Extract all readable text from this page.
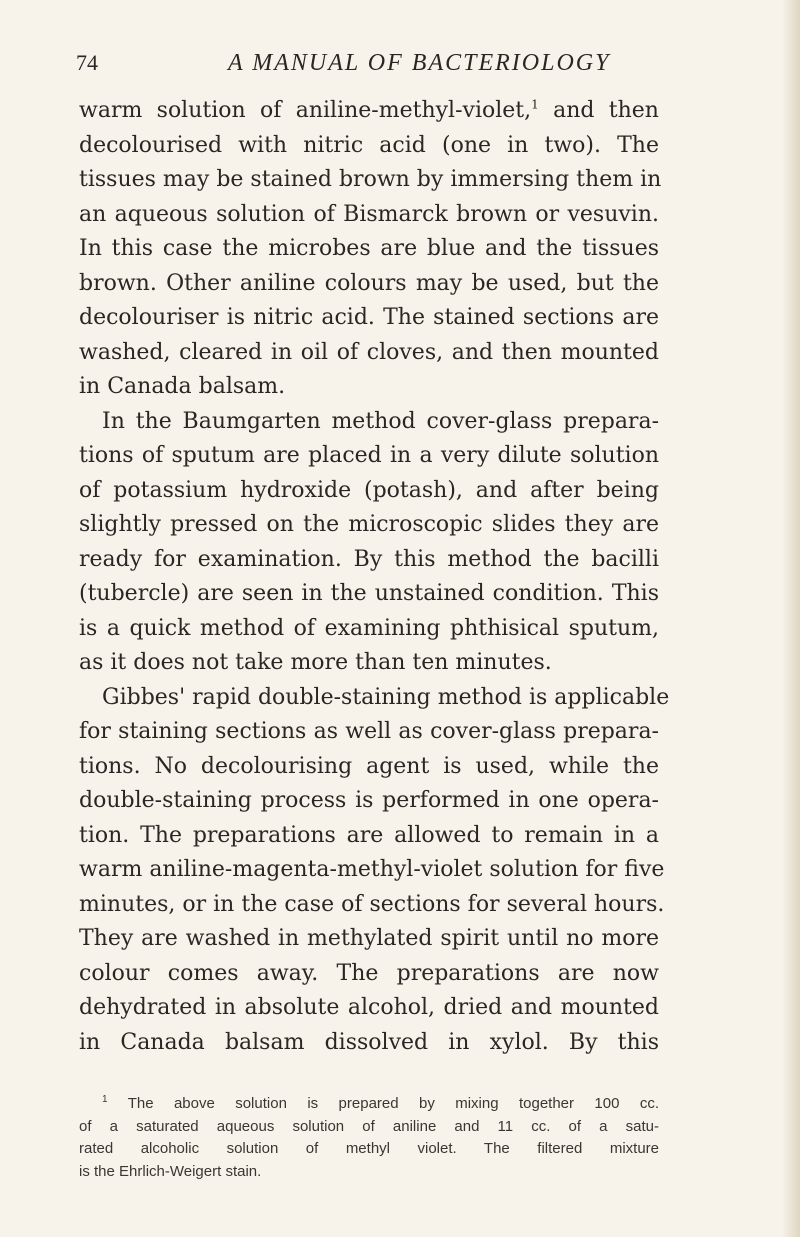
74	A MANUAL OF BACTERIOLOGY
warm solution of aniline-methyl-violet,$^1$ and then
decolourised with nitric acid (one in two). The
tissues may be stained brown by immersing them in
an aqueous solution of Bismarck brown or vesuvin.
In this case the microbes are blue and the tissues
brown. Other aniline colours may be used, but the
decolouriser is nitric acid. The stained sections are
washed, cleared in oil of cloves, and then mounted
in Canada balsam.
In the Baumgarten method cover-glass prepara-
tions of sputum are placed in a very dilute solution
of potassium hydroxide (potash), and after being
slightly pressed on the microscopic slides they are
ready for examination. By this method the bacilli
(tubercle) are seen in the unstained condition. This
is a quick method of examining phthisical sputum,
as it does not take more than ten minutes.
Gibbes' rapid double-staining method is applicable
for staining sections as well as cover-glass prepara-
tions. No decolourising agent is used, while the
double-staining process is performed in one opera-
tion. The preparations are allowed to remain in a
warm aniline-magenta-methyl-violet solution for five
minutes, or in the case of sections for several hours.
They are washed in methylated spirit until no more
colour comes away. The preparations are now
dehydrated in absolute alcohol, dried and mounted
in Canada balsam dissolved in xylol. By this
$^1$ The above solution is prepared by mixing together 100 cc.
of a saturated aqueous solution of aniline and 11 cc. of a satu-
rated alcoholic solution of methyl violet. The filtered mixture
is the Ehrlich-Weigert stain.
